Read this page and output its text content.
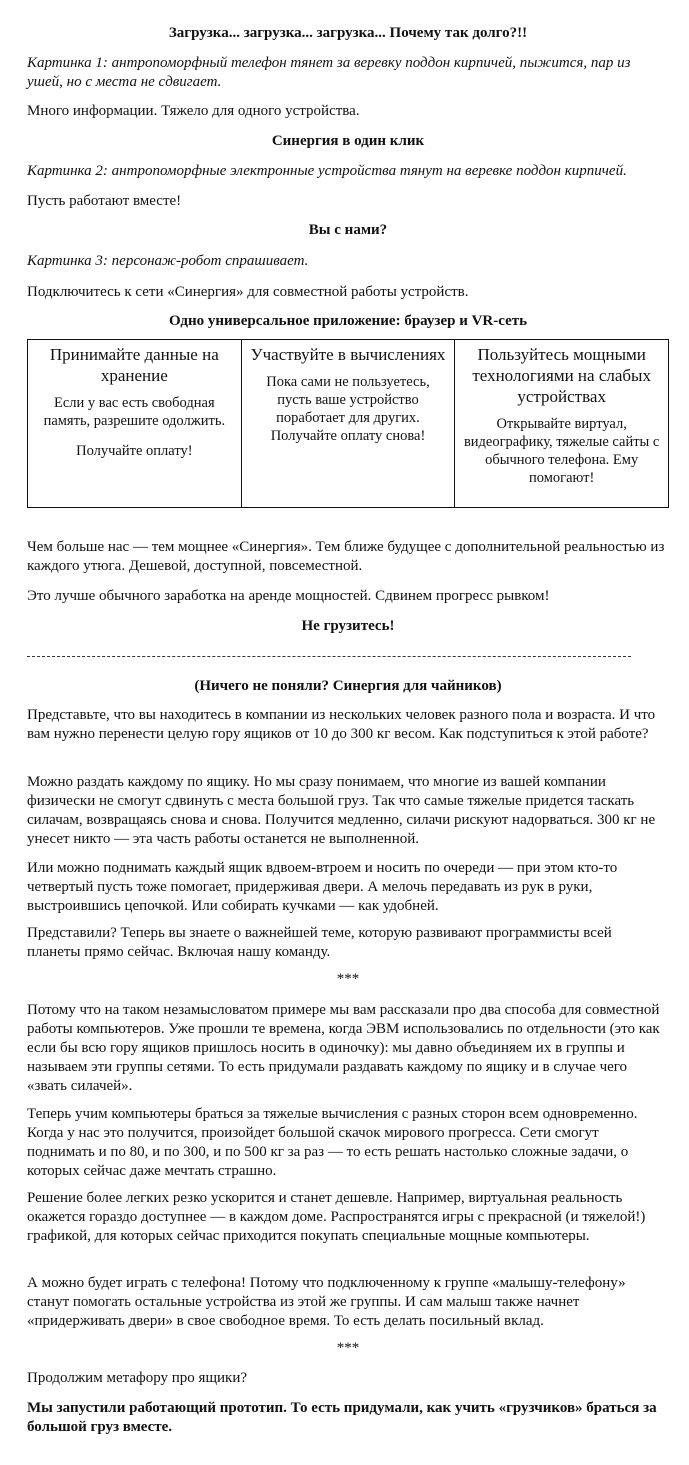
Загрузка... загрузка... загрузка... Почему так долго?!!

Картинка 1: антропоморфный телефон тянет за веревку поддон кирпичей, пыжится, пар из ушей, но с места не сдвигает.

Много информации. Тяжело для одного устройства.

Синергия в один клик

Картинка 2: антропоморфные электронные устройства тянут на веревке поддон кирпичей.

Пусть работают вместе!

Вы с нами?

Картинка 3: персонаж-робот спрашивает.

Подключитесь к сети «Синергия» для совместной работы устройств.

Одно универсальное приложение: браузер и VR-сеть

Принимайте данные на хранение
Если у вас есть свободная память, разрешите одолжить.
Получайте оплату!

Участвуйте в вычислениях
Пока сами не пользуетесь, пусть ваше устройство поработает для других. Получайте оплату снова!

Пользуйтесь мощными технологиями на слабых устройствах
Открывайте виртуал, видеографику, тяжелые сайты с обычного телефона. Ему помогают!

Чем больше нас — тем мощнее «Синергия». Тем ближе будущее с дополнительной реальностью из каждого утюга. Дешевой, доступной, повсеместной.

Это лучше обычного заработка на аренде мощностей. Сдвинем прогресс рывком!

Не грузитесь!

(Ничего не поняли? Синергия для чайников)

Представьте, что вы находитесь в компании из нескольких человек разного пола и возраста. И что вам нужно перенести целую гору ящиков от 10 до 300 кг весом. Как подступиться к этой работе?

Можно раздать каждому по ящику. Но мы сразу понимаем, что многие из вашей компании физически не смогут сдвинуть с места большой груз. Так что самые тяжелые придется таскать силачам, возвращаясь снова и снова. Получится медленно, силачи рискуют надорваться. 300 кг не унесет никто — эта часть работы останется не выполненной.

Или можно поднимать каждый ящик вдвоем-втроем и носить по очереди — при этом кто-то четвертый пусть тоже помогает, придерживая двери. А мелочь передавать из рук в руки, выстроившись цепочкой. Или собирать кучками — как удобней.

Представили? Теперь вы знаете о важнейшей теме, которую развивают программисты всей планеты прямо сейчас. Включая нашу команду.

***

Потому что на таком незамысловатом примере мы вам рассказали про два способа для совместной работы компьютеров. Уже прошли те времена, когда ЭВМ использовались по отдельности (это как если бы всю гору ящиков пришлось носить в одиночку): мы давно объединяем их в группы и называем эти группы сетями. То есть придумали раздавать каждому по ящику и в случае чего «звать силачей».

Теперь учим компьютеры браться за тяжелые вычисления с разных сторон всем одновременно. Когда у нас это получится, произойдет большой скачок мирового прогресса. Сети смогут поднимать и по 80, и по 300, и по 500 кг за раз — то есть решать настолько сложные задачи, о которых сейчас даже мечтать страшно.

Решение более легких резко ускорится и станет дешевле. Например, виртуальная реальность окажется гораздо доступнее — в каждом доме. Распространятся игры с прекрасной (и тяжелой!) графикой, для которых сейчас приходится покупать специальные мощные компьютеры.

А можно будет играть с телефона! Потому что подключенному к группе «малышу-телефону» станут помогать остальные устройства из этой же группы. И сам малыш также начнет «придерживать двери» в свое свободное время. То есть делать посильный вклад.

***

Продолжим метафору про ящики?

Мы запустили работающий прототип. То есть придумали, как учить «грузчиков» браться за большой груз вместе.
